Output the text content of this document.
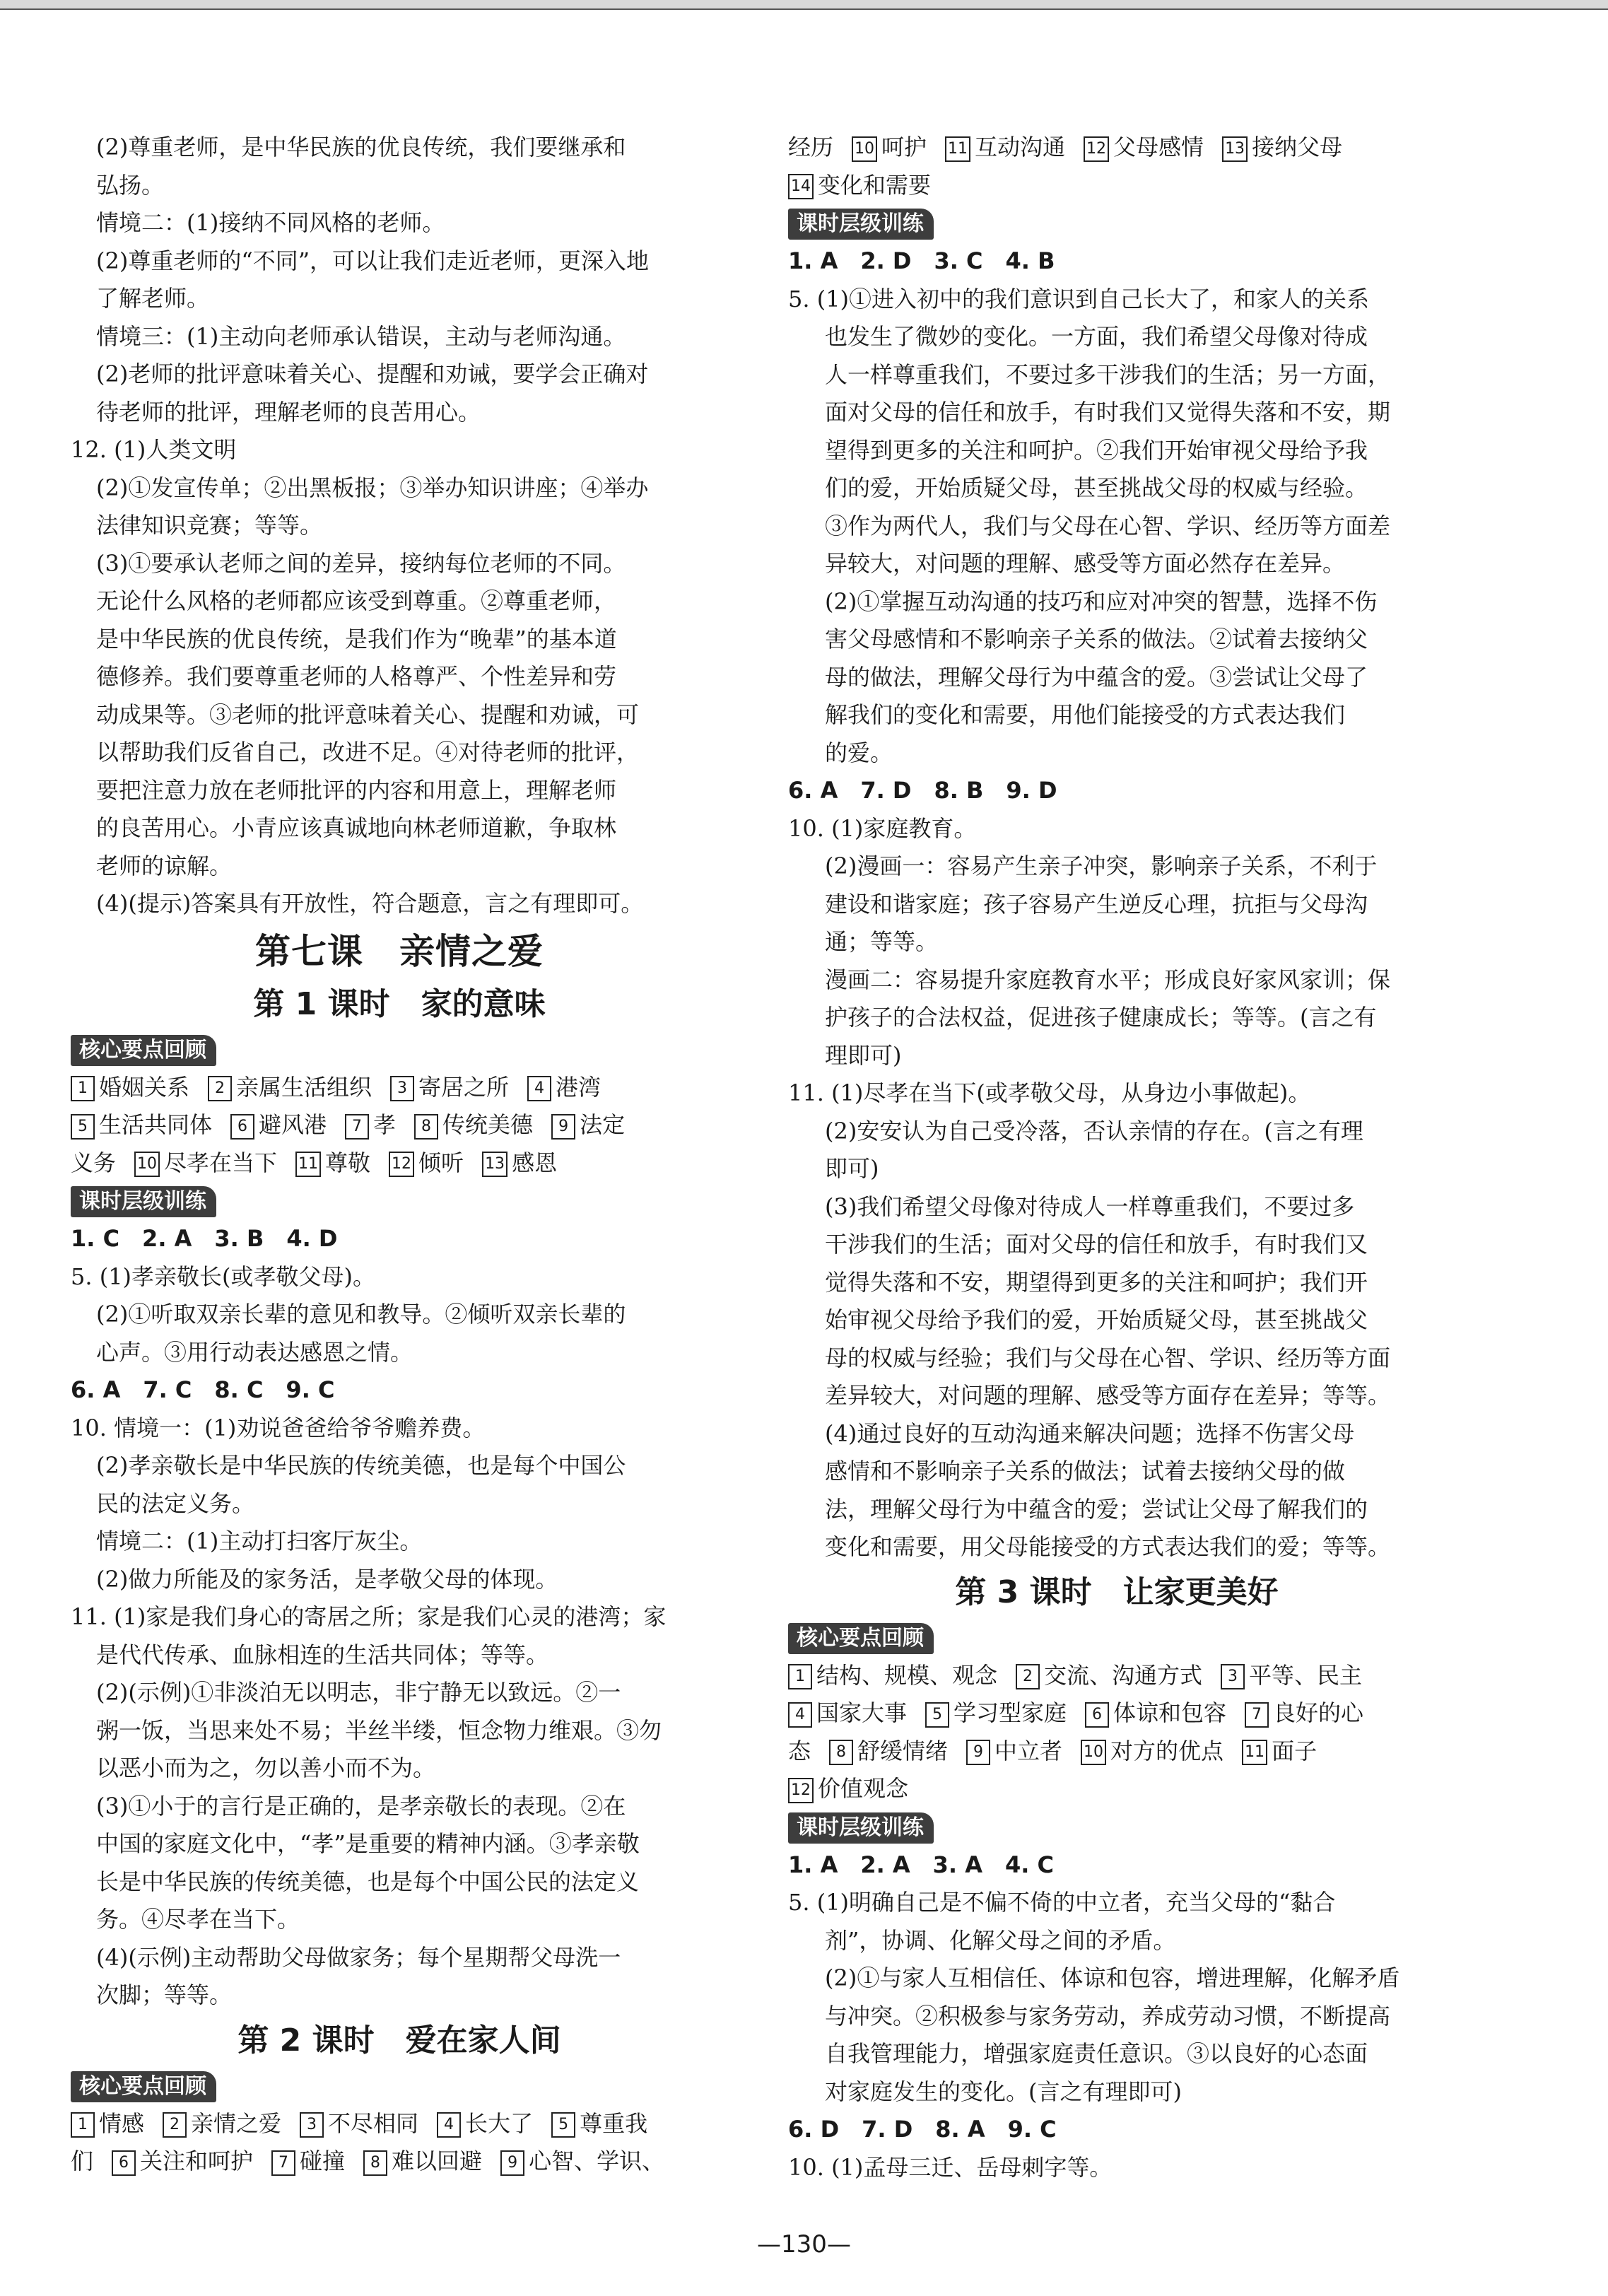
(2)尊重老师，是中华民族的优良传统，我们要继承和
弘扬。
情境二：(1)接纳不同风格的老师。
(2)尊重老师的“不同”，可以让我们走近老师，更深入地
了解老师。
情境三：(1)主动向老师承认错误，主动与老师沟通。
(2)老师的批评意味着关心、提醒和劝诫，要学会正确对
待老师的批评，理解老师的良苦用心。
12. (1)人类文明
(2)①发宣传单；②出黑板报；③举办知识讲座；④举办
法律知识竞赛；等等。
(3)①要承认老师之间的差异，接纳每位老师的不同。
无论什么风格的老师都应该受到尊重。②尊重老师，
是中华民族的优良传统，是我们作为“晚辈”的基本道
德修养。我们要尊重老师的人格尊严、个性差异和劳
动成果等。③老师的批评意味着关心、提醒和劝诫，可
以帮助我们反省自己，改进不足。④对待老师的批评，
要把注意力放在老师批评的内容和用意上，理解老师
的良苦用心。小青应该真诚地向林老师道歉，争取林
老师的谅解。
(4)(提示)答案具有开放性，符合题意，言之有理即可。
第七课　亲情之爱
第 1 课时　家的意味
核心要点回顾
1 婚姻关系 2 亲属生活组织 3 寄居之所 4 港湾
5 生活共同体 6 避风港 7 孝 8 传统美德 9 法定
义务 10 尽孝在当下 11 尊敬 12 倾听 13 感恩
课时层级训练
1. C　2. A　3. B　4. D
5. (1)孝亲敬长(或孝敬父母)。
(2)①听取双亲长辈的意见和教导。②倾听双亲长辈的
心声。③用行动表达感恩之情。
6. A　7. C　8. C　9. C
10. 情境一：(1)劝说爸爸给爷爷赡养费。
(2)孝亲敬长是中华民族的传统美德，也是每个中国公
民的法定义务。
情境二：(1)主动打扫客厅灰尘。
(2)做力所能及的家务活，是孝敬父母的体现。
11. (1)家是我们身心的寄居之所；家是我们心灵的港湾；家
是代代传承、血脉相连的生活共同体；等等。
(2)(示例)①非淡泊无以明志，非宁静无以致远。②一
粥一饭，当思来处不易；半丝半缕，恒念物力维艰。③勿
以恶小而为之，勿以善小而不为。
(3)①小于的言行是正确的，是孝亲敬长的表现。②在
中国的家庭文化中，“孝”是重要的精神内涵。③孝亲敬
长是中华民族的传统美德，也是每个中国公民的法定义
务。④尽孝在当下。
(4)(示例)主动帮助父母做家务；每个星期帮父母洗一
次脚；等等。
第 2 课时　爱在家人间
核心要点回顾
1 情感 2 亲情之爱 3 不尽相同 4 长大了 5 尊重我
们 6 关注和呵护 7 碰撞 8 难以回避 9 心智、学识、
经历 10 呵护 11 互动沟通 12 父母感情 13 接纳父母
14 变化和需要
课时层级训练
1. A　2. D　3. C　4. B
5. (1)①进入初中的我们意识到自己长大了，和家人的关系
也发生了微妙的变化。一方面，我们希望父母像对待成
人一样尊重我们，不要过多干涉我们的生活；另一方面，
面对父母的信任和放手，有时我们又觉得失落和不安，期
望得到更多的关注和呵护。②我们开始审视父母给予我
们的爱，开始质疑父母，甚至挑战父母的权威与经验。
③作为两代人，我们与父母在心智、学识、经历等方面差
异较大，对问题的理解、感受等方面必然存在差异。
(2)①掌握互动沟通的技巧和应对冲突的智慧，选择不伤
害父母感情和不影响亲子关系的做法。②试着去接纳父
母的做法，理解父母行为中蕴含的爱。③尝试让父母了
解我们的变化和需要，用他们能接受的方式表达我们
的爱。
6. A　7. D　8. B　9. D
10. (1)家庭教育。
(2)漫画一：容易产生亲子冲突，影响亲子关系，不利于
建设和谐家庭；孩子容易产生逆反心理，抗拒与父母沟
通；等等。
漫画二：容易提升家庭教育水平；形成良好家风家训；保
护孩子的合法权益，促进孩子健康成长；等等。(言之有
理即可)
11. (1)尽孝在当下(或孝敬父母，从身边小事做起)。
(2)安安认为自己受冷落，否认亲情的存在。(言之有理
即可)
(3)我们希望父母像对待成人一样尊重我们，不要过多
干涉我们的生活；面对父母的信任和放手，有时我们又
觉得失落和不安，期望得到更多的关注和呵护；我们开
始审视父母给予我们的爱，开始质疑父母，甚至挑战父
母的权威与经验；我们与父母在心智、学识、经历等方面
差异较大，对问题的理解、感受等方面存在差异；等等。
(4)通过良好的互动沟通来解决问题；选择不伤害父母
感情和不影响亲子关系的做法；试着去接纳父母的做
法，理解父母行为中蕴含的爱；尝试让父母了解我们的
变化和需要，用父母能接受的方式表达我们的爱；等等。
第 3 课时　让家更美好
核心要点回顾
1 结构、规模、观念 2 交流、沟通方式 3 平等、民主
4 国家大事 5 学习型家庭 6 体谅和包容 7 良好的心
态 8 舒缓情绪 9 中立者 10 对方的优点 11 面子
12 价值观念
课时层级训练
1. A　2. A　3. A　4. C
5. (1)明确自己是不偏不倚的中立者，充当父母的“黏合
剂”，协调、化解父母之间的矛盾。
(2)①与家人互相信任、体谅和包容，增进理解，化解矛盾
与冲突。②积极参与家务劳动，养成劳动习惯，不断提高
自我管理能力，增强家庭责任意识。③以良好的心态面
对家庭发生的变化。(言之有理即可)
6. D　7. D　8. A　9. C
10. (1)孟母三迁、岳母刺字等。
—130—
